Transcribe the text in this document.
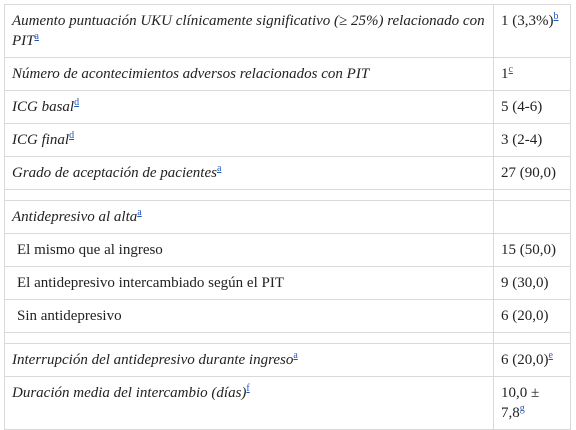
Aumento puntuación UKU clínicamente significativo (≥ 25%) relacionado con PIT$^a$	1 $(3,3\%)^b$
Número de acontecimientos adversos relacionados con PIT	1$^c$
ICG basal$^d$	5 (4-6)
ICG final$^d$	3 (2-4)
Grado de aceptación de pacientes$^a$	27 (90,0)

Antidepresivo al alta$^a$	
El mismo que al ingreso	15 (50,0)
El antidepresivo intercambiado según el PIT	9 (30,0)
Sin antidepresivo	6 (20,0)

Interrupción del antidepresivo durante ingreso$^a$	6 $(20,0)^e$
Duración media del intercambio (días)$^f$	10,0 ± 7,8$^g$
